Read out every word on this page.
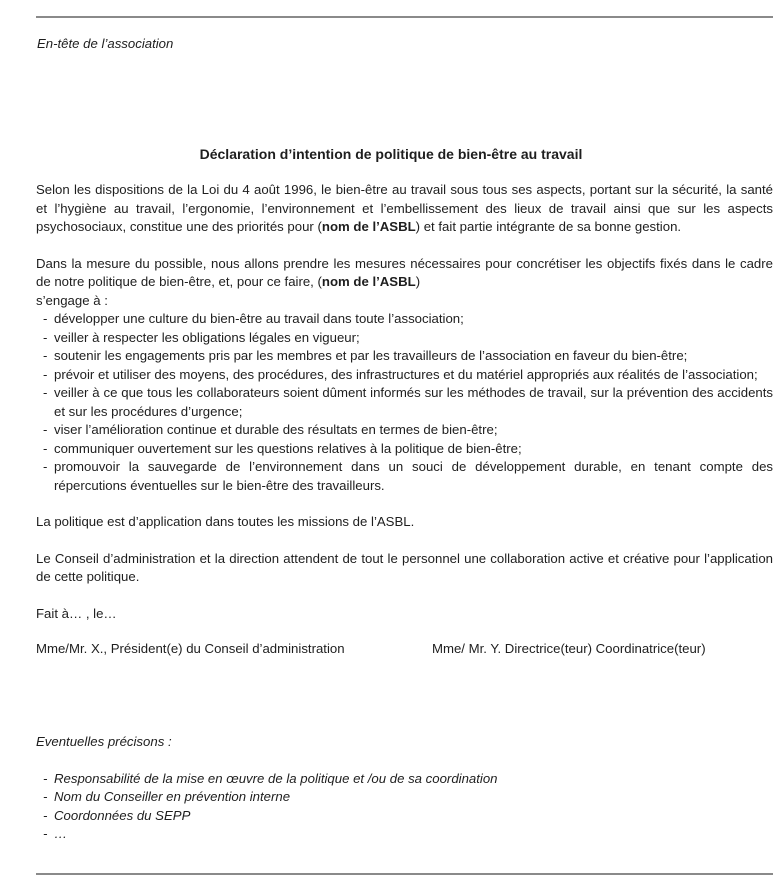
En-tête de l’association
Déclaration d’intention de politique de bien-être au travail

Selon les dispositions de la Loi du 4 août 1996, le bien-être au travail sous tous ses aspects, portant sur la sécurité, la santé et l’hygiène au travail, l’ergonomie, l’environnement et l’embellissement des lieux de travail ainsi que sur les aspects psychosociaux, constitue une des priorités pour (nom de l’ASBL) et fait partie intégrante de sa bonne gestion.

Dans la mesure du possible, nous allons prendre les mesures nécessaires pour concrétiser les objectifs fixés dans le cadre de notre politique de bien-être, et, pour ce faire, (nom de l’ASBL)

s’engage à :

- développer une culture du bien-être au travail dans toute l’association;
- veiller à respecter les obligations légales en vigueur;
- soutenir les engagements pris par les membres et par les travailleurs de l’association en faveur du bien-être;
- prévoir et utiliser des moyens, des procédures, des infrastructures et du matériel appropriés aux réalités de l’association;
- veiller à ce que tous les collaborateurs soient dûment informés sur les méthodes de travail, sur la prévention des accidents et sur les procédures d’urgence;
- viser l’amélioration continue et durable des résultats en termes de bien-être;
- communiquer ouvertement sur les questions relatives à la politique de bien-être;
- promouvoir la sauvegarde de l’environnement dans un souci de développement durable, en tenant compte des répercutions éventuelles sur le bien-être des travailleurs.

La politique est d’application dans toutes les missions de l’ASBL.

Le Conseil d’administration et la direction attendent de tout le personnel une collaboration active et créative pour l’application de cette politique.

Fait à… , le…

Mme/Mr. X., Président(e) du Conseil d’administration	Mme/ Mr. Y. Directrice(teur) Coordinatrice(teur)

Eventuelles précisons :

- Responsabilité de la mise en œuvre de la politique et /ou de sa coordination
- Nom du Conseiller en prévention interne
- Coordonnées du SEPP
- …
